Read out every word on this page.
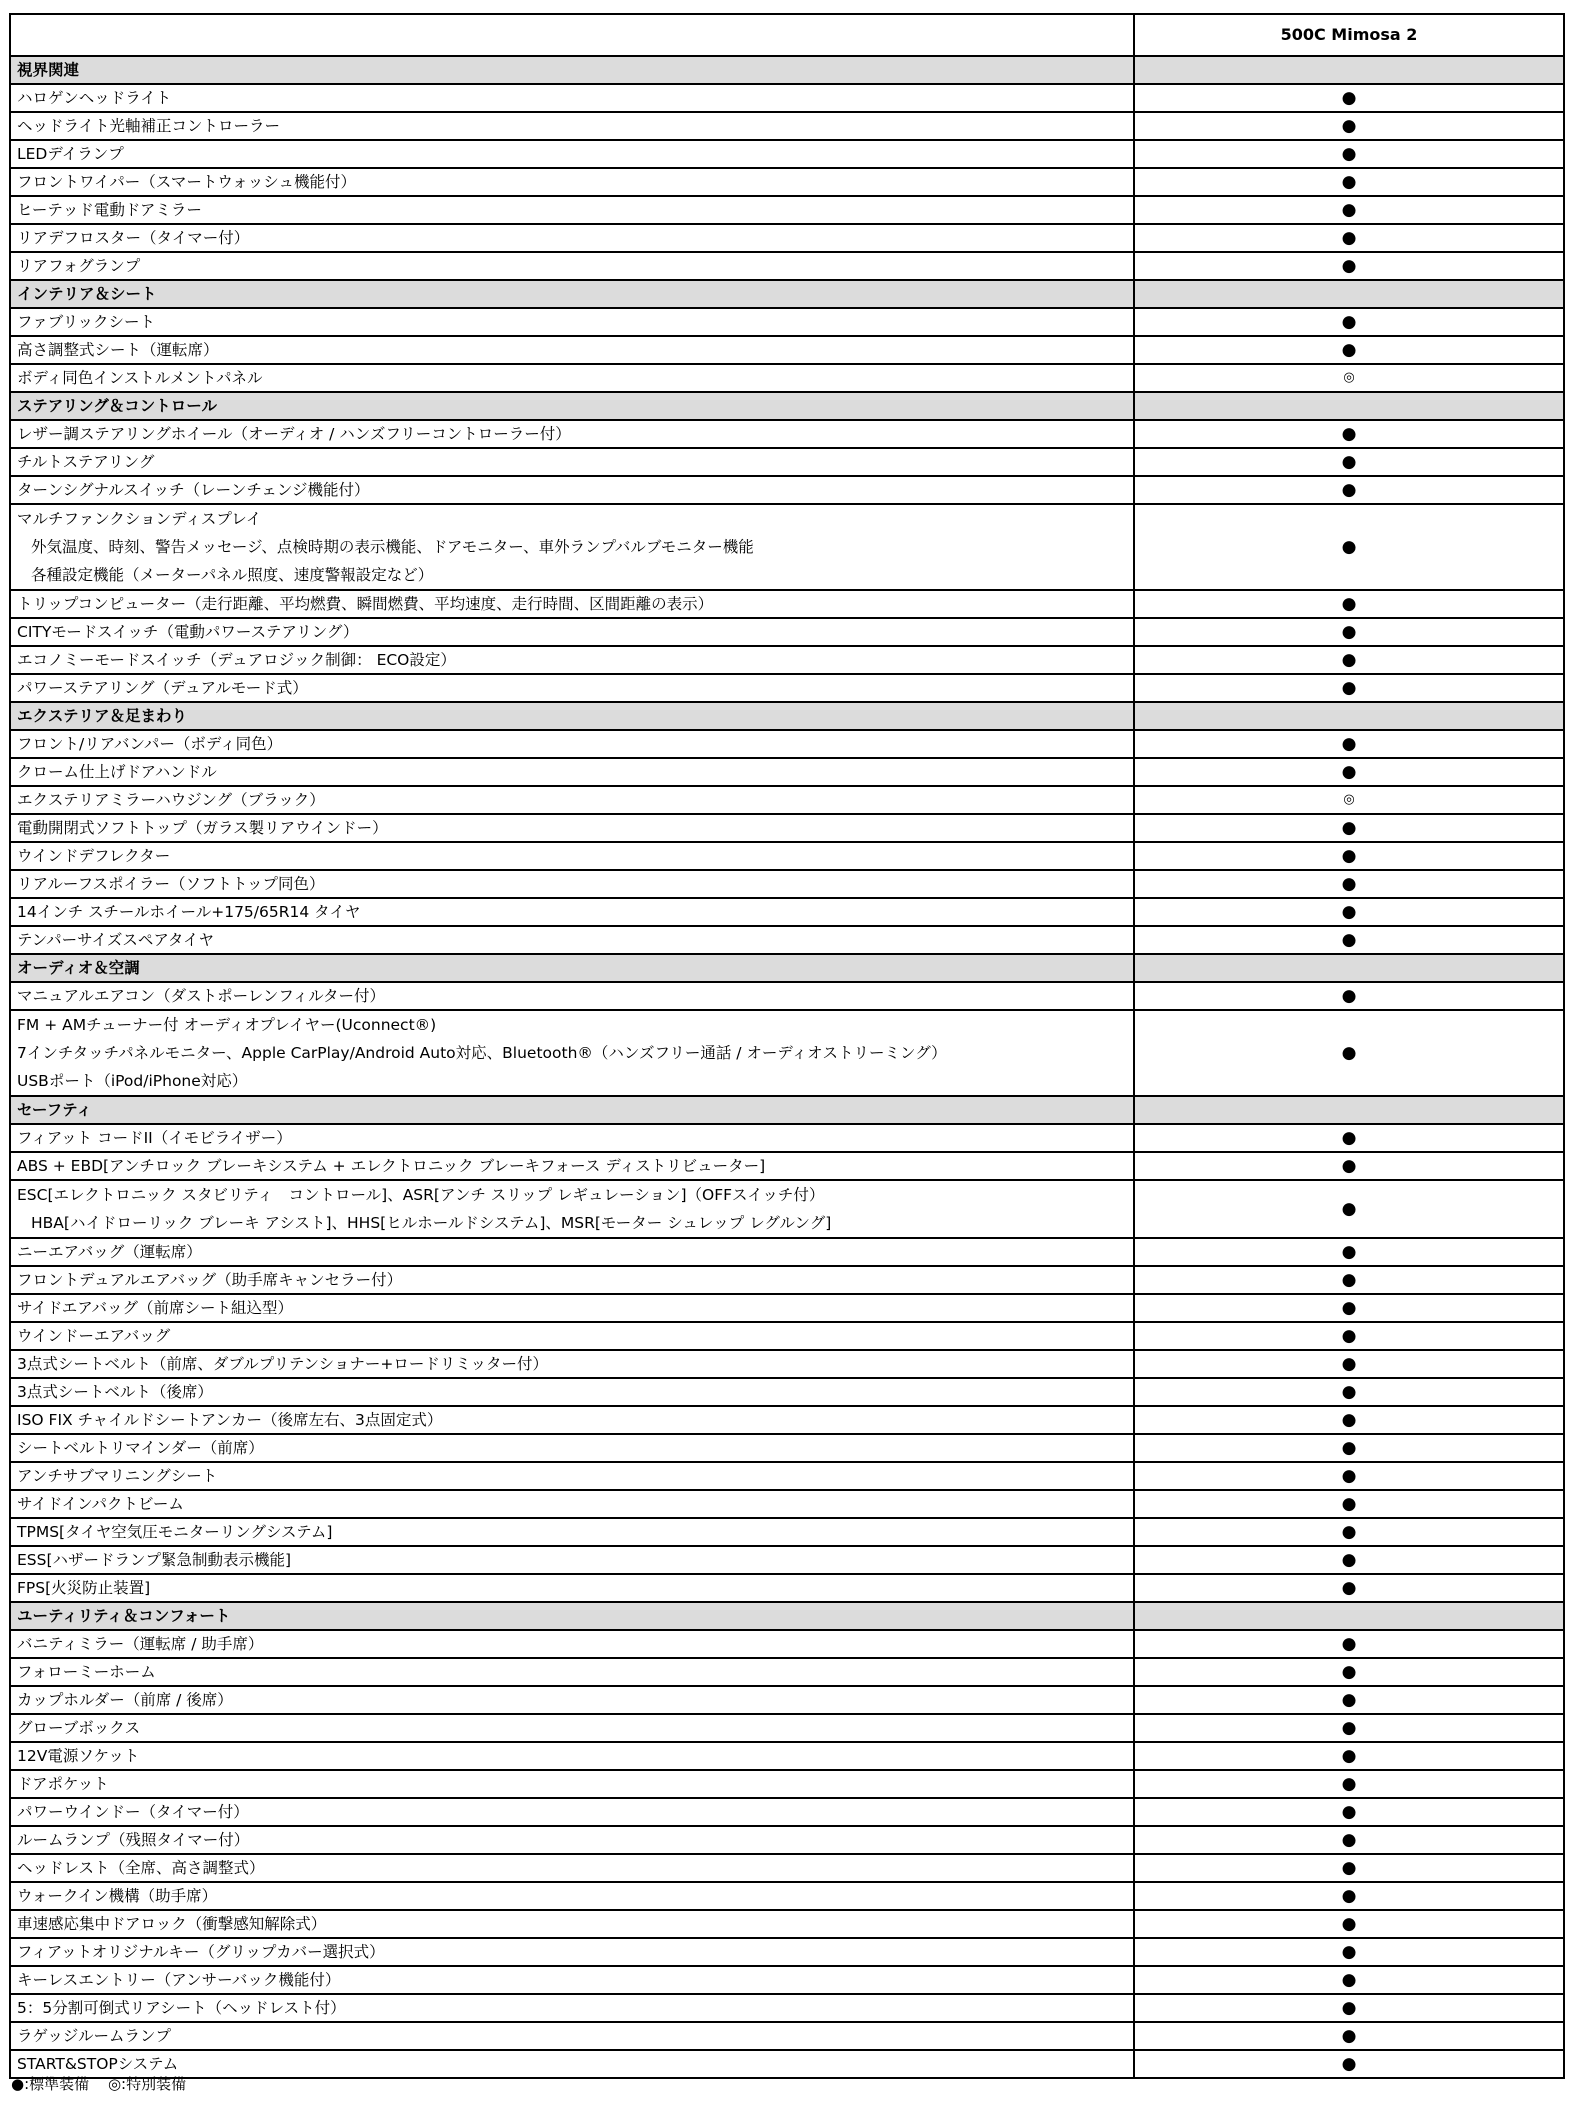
	500C Mimosa 2
視界関連	
ハロゲンヘッドライト	●
ヘッドライト光軸補正コントローラー	●
LEDデイランプ	●
フロントワイパー（スマートウォッシュ機能付）	●
ヒーテッド電動ドアミラー	●
リアデフロスター（タイマー付）	●
リアフォグランプ	●
インテリア＆シート	
ファブリックシート	●
高さ調整式シート（運転席）	●
ボディ同色インストルメントパネル	◎
ステアリング＆コントロール	
レザー調ステアリングホイール（オーディオ / ハンズフリーコントローラー付）	●
チルトステアリング	●
ターンシグナルスイッチ（レーンチェンジ機能付）	●

マルチファンクションディスプレイ
外気温度、時刻、警告メッセージ、点検時期の表示機能、ドアモニター、車外ランプバルブモニター機能
各種設定機能（メーターパネル照度、速度警報設定など）	●
トリップコンピューター（走行距離、平均燃費、瞬間燃費、平均速度、走行時間、区間距離の表示）	●
CITYモードスイッチ（電動パワーステアリング）	●
エコノミーモードスイッチ（デュアロジック制御： ECO設定）	●
パワーステアリング（デュアルモード式）	●
エクステリア＆足まわり	
フロント/リアバンパー（ボディ同色）	●
クローム仕上げドアハンドル	●
エクステリアミラーハウジング（ブラック）	◎
電動開閉式ソフトトップ（ガラス製リアウインドー）	●
ウインドデフレクター	●
リアルーフスポイラー（ソフトトップ同色）	●
14インチ スチールホイール+175/65R14 タイヤ	●
テンパーサイズスペアタイヤ	●
オーディオ＆空調	
マニュアルエアコン（ダストポーレンフィルター付）	●

FM + AMチューナー付 オーディオプレイヤー(Uconnect®)
7インチタッチパネルモニター、Apple CarPlay/Android Auto対応、Bluetooth®（ハンズフリー通話 / オーディオストリーミング）
USBポート（iPod/iPhone対応）	●
セーフティ	
フィアット コードII（イモビライザー）	●
ABS + EBD[アンチロック ブレーキシステム + エレクトロニック ブレーキフォース ディストリビューター]	●

ESC[エレクトロニック スタビリティ　コントロール]、ASR[アンチ スリップ レギュレーション]（OFFスイッチ付）
HBA[ハイドローリック ブレーキ アシスト]、HHS[ヒルホールドシステム]、MSR[モーター シュレップ レグルング]	●
ニーエアバッグ（運転席）	●
フロントデュアルエアバッグ（助手席キャンセラー付）	●
サイドエアバッグ（前席シート組込型）	●
ウインドーエアバッグ	●
3点式シートベルト（前席、ダブルプリテンショナー+ロードリミッター付）	●
3点式シートベルト（後席）	●
ISO FIX チャイルドシートアンカー（後席左右、3点固定式）	●
シートベルトリマインダー（前席）	●
アンチサブマリニングシート	●
サイドインパクトビーム	●
TPMS[タイヤ空気圧モニターリングシステム]	●
ESS[ハザードランプ緊急制動表示機能]	●
FPS[火災防止装置]	●
ユーティリティ＆コンフォート	
バニティミラー（運転席 / 助手席）	●
フォローミーホーム	●
カップホルダー（前席 / 後席）	●
グローブボックス	●
12V電源ソケット	●
ドアポケット	●
パワーウインドー（タイマー付）	●
ルームランプ（残照タイマー付）	●
ヘッドレスト（全席、高さ調整式）	●
ウォークイン機構（助手席）	●
車速感応集中ドアロック（衝撃感知解除式）	●
フィアットオリジナルキー（グリップカバー選択式）	●
キーレスエントリー（アンサーバック機能付）	●
5：5分割可倒式リアシート（ヘッドレスト付）	●
ラゲッジルームランプ	●
START&STOPシステム	●
●:標準装備 ◎:特別装備
